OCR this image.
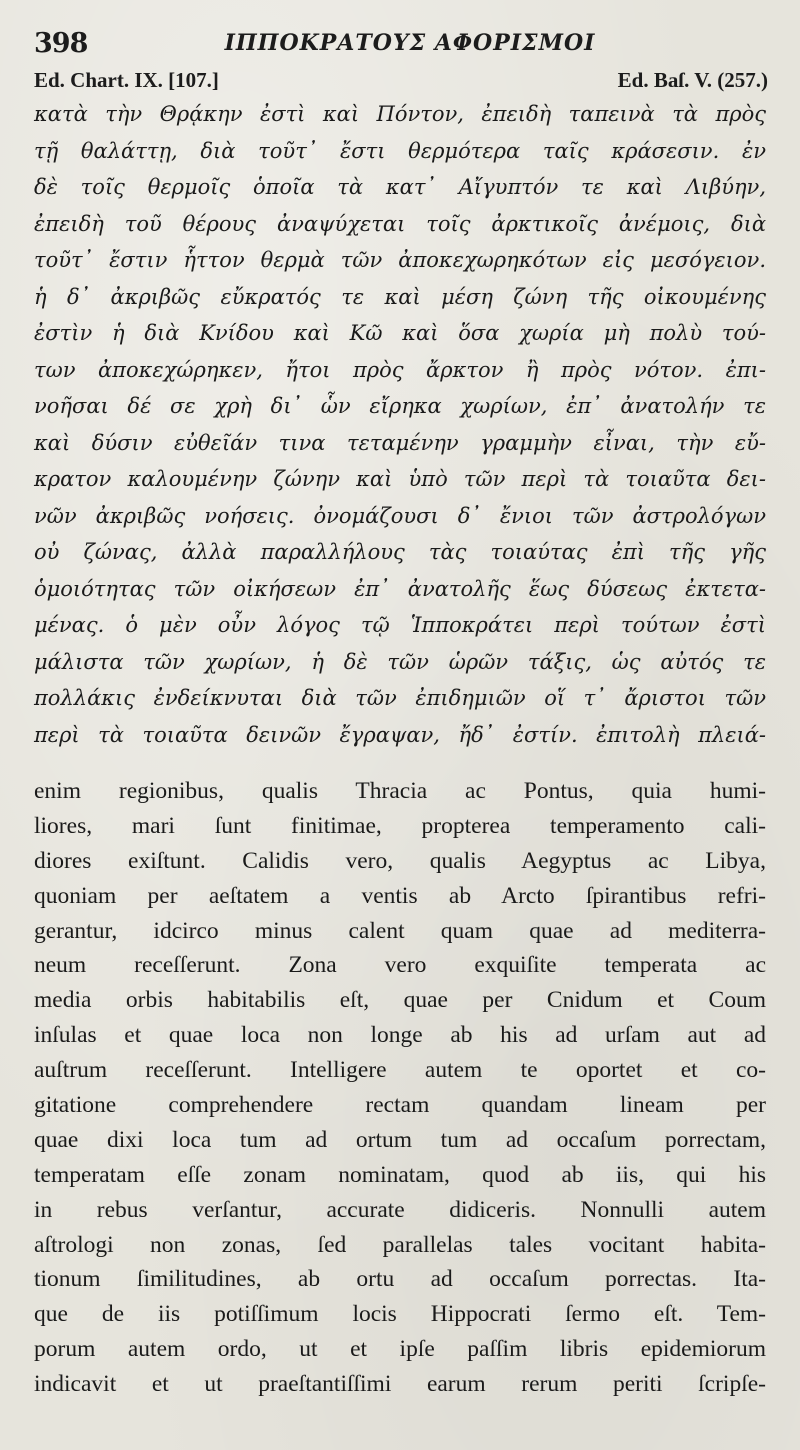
398	ΙΠΠΟΚΡΑΤΟΥΣ ΑΦΟΡΙΣΜΟΙ
Ed. Chart. IX. [107.]	Ed. Baſ. V. (257.)
κατὰ τὴν Θρᾴκην ἐστὶ καὶ Πόντον, ἐπειδὴ ταπεινὰ τὰ πρὸς
τῇ θαλάττῃ, διὰ τοῦτ᾽ ἔστι θερμότερα ταῖς κράσεσιν. ἐν
δὲ τοῖς θερμοῖς ὁποῖα τὰ κατ᾽ Αἴγυπτόν τε καὶ Λιβύην,
ἐπειδὴ τοῦ θέρους ἀναψύχεται τοῖς ἀρκτικοῖς ἀνέμοις, διὰ
τοῦτ᾽ ἔστιν ἧττον θερμὰ τῶν ἀποκεχωρηκότων εἰς μεσόγειον.
ἡ δ᾽ ἀκριβῶς εὔκρατός τε καὶ μέση ζώνη τῆς οἰκουμένης
ἐστὶν ἡ διὰ Κνίδου καὶ Κῶ καὶ ὅσα χωρία μὴ πολὺ τού-
των ἀποκεχώρηκεν, ἤτοι πρὸς ἄρκτον ἢ πρὸς νότον. ἐπι-
νοῆσαι δέ σε χρὴ δι᾽ ὧν εἴρηκα χωρίων, ἐπ᾽ ἀνατολήν τε
καὶ δύσιν εὐθεῖάν τινα τεταμένην γραμμὴν εἶναι, τὴν εὔ-
κρατον καλουμένην ζώνην καὶ ὑπὸ τῶν περὶ τὰ τοιαῦτα δει-
νῶν ἀκριβῶς νοήσεις. ὀνομάζουσι δ᾽ ἔνιοι τῶν ἀστρολόγων
οὐ ζώνας, ἀλλὰ παραλλήλους τὰς τοιαύτας ἐπὶ τῆς γῆς
ὁμοιότητας τῶν οἰκήσεων ἐπ᾽ ἀνατολῆς ἕως δύσεως ἐκτετα-
μένας. ὁ μὲν οὖν λόγος τῷ Ἱπποκράτει περὶ τούτων ἐστὶ
μάλιστα τῶν χωρίων, ἡ δὲ τῶν ὡρῶν τάξις, ὡς αὐτός τε
πολλάκις ἐνδείκνυται διὰ τῶν ἐπιδημιῶν οἵ τ᾽ ἄριστοι τῶν
περὶ τὰ τοιαῦτα δεινῶν ἔγραψαν, ἤδ᾽ ἐστίν. ἐπιτολὴ πλειά-
enim regionibus, qualis Thracia ac Pontus, quia humi-
liores, mari ſunt finitimae, propterea temperamento cali-
diores exiſtunt. Calidis vero, qualis Aegyptus ac Libya,
quoniam per aeſtatem a ventis ab Arcto ſpirantibus refri-
gerantur, idcirco minus calent quam quae ad mediterra-
neum receſſerunt. Zona vero exquiſite temperata ac
media orbis habitabilis eſt, quae per Cnidum et Coum
inſulas et quae loca non longe ab his ad urſam aut ad
auſtrum receſſerunt. Intelligere autem te oportet et co-
gitatione comprehendere rectam quandam lineam per
quae dixi loca tum ad ortum tum ad occaſum porrectam,
temperatam eſſe zonam nominatam, quod ab iis, qui his
in rebus verſantur, accurate didiceris. Nonnulli autem
aſtrologi non zonas, ſed parallelas tales vocitant habita-
tionum ſimilitudines, ab ortu ad occaſum porrectas. Ita-
que de iis potiſſimum locis Hippocrati ſermo eſt. Tem-
porum autem ordo, ut et ipſe paſſim libris epidemiorum
indicavit et ut praeſtantiſſimi earum rerum periti ſcripſe-
